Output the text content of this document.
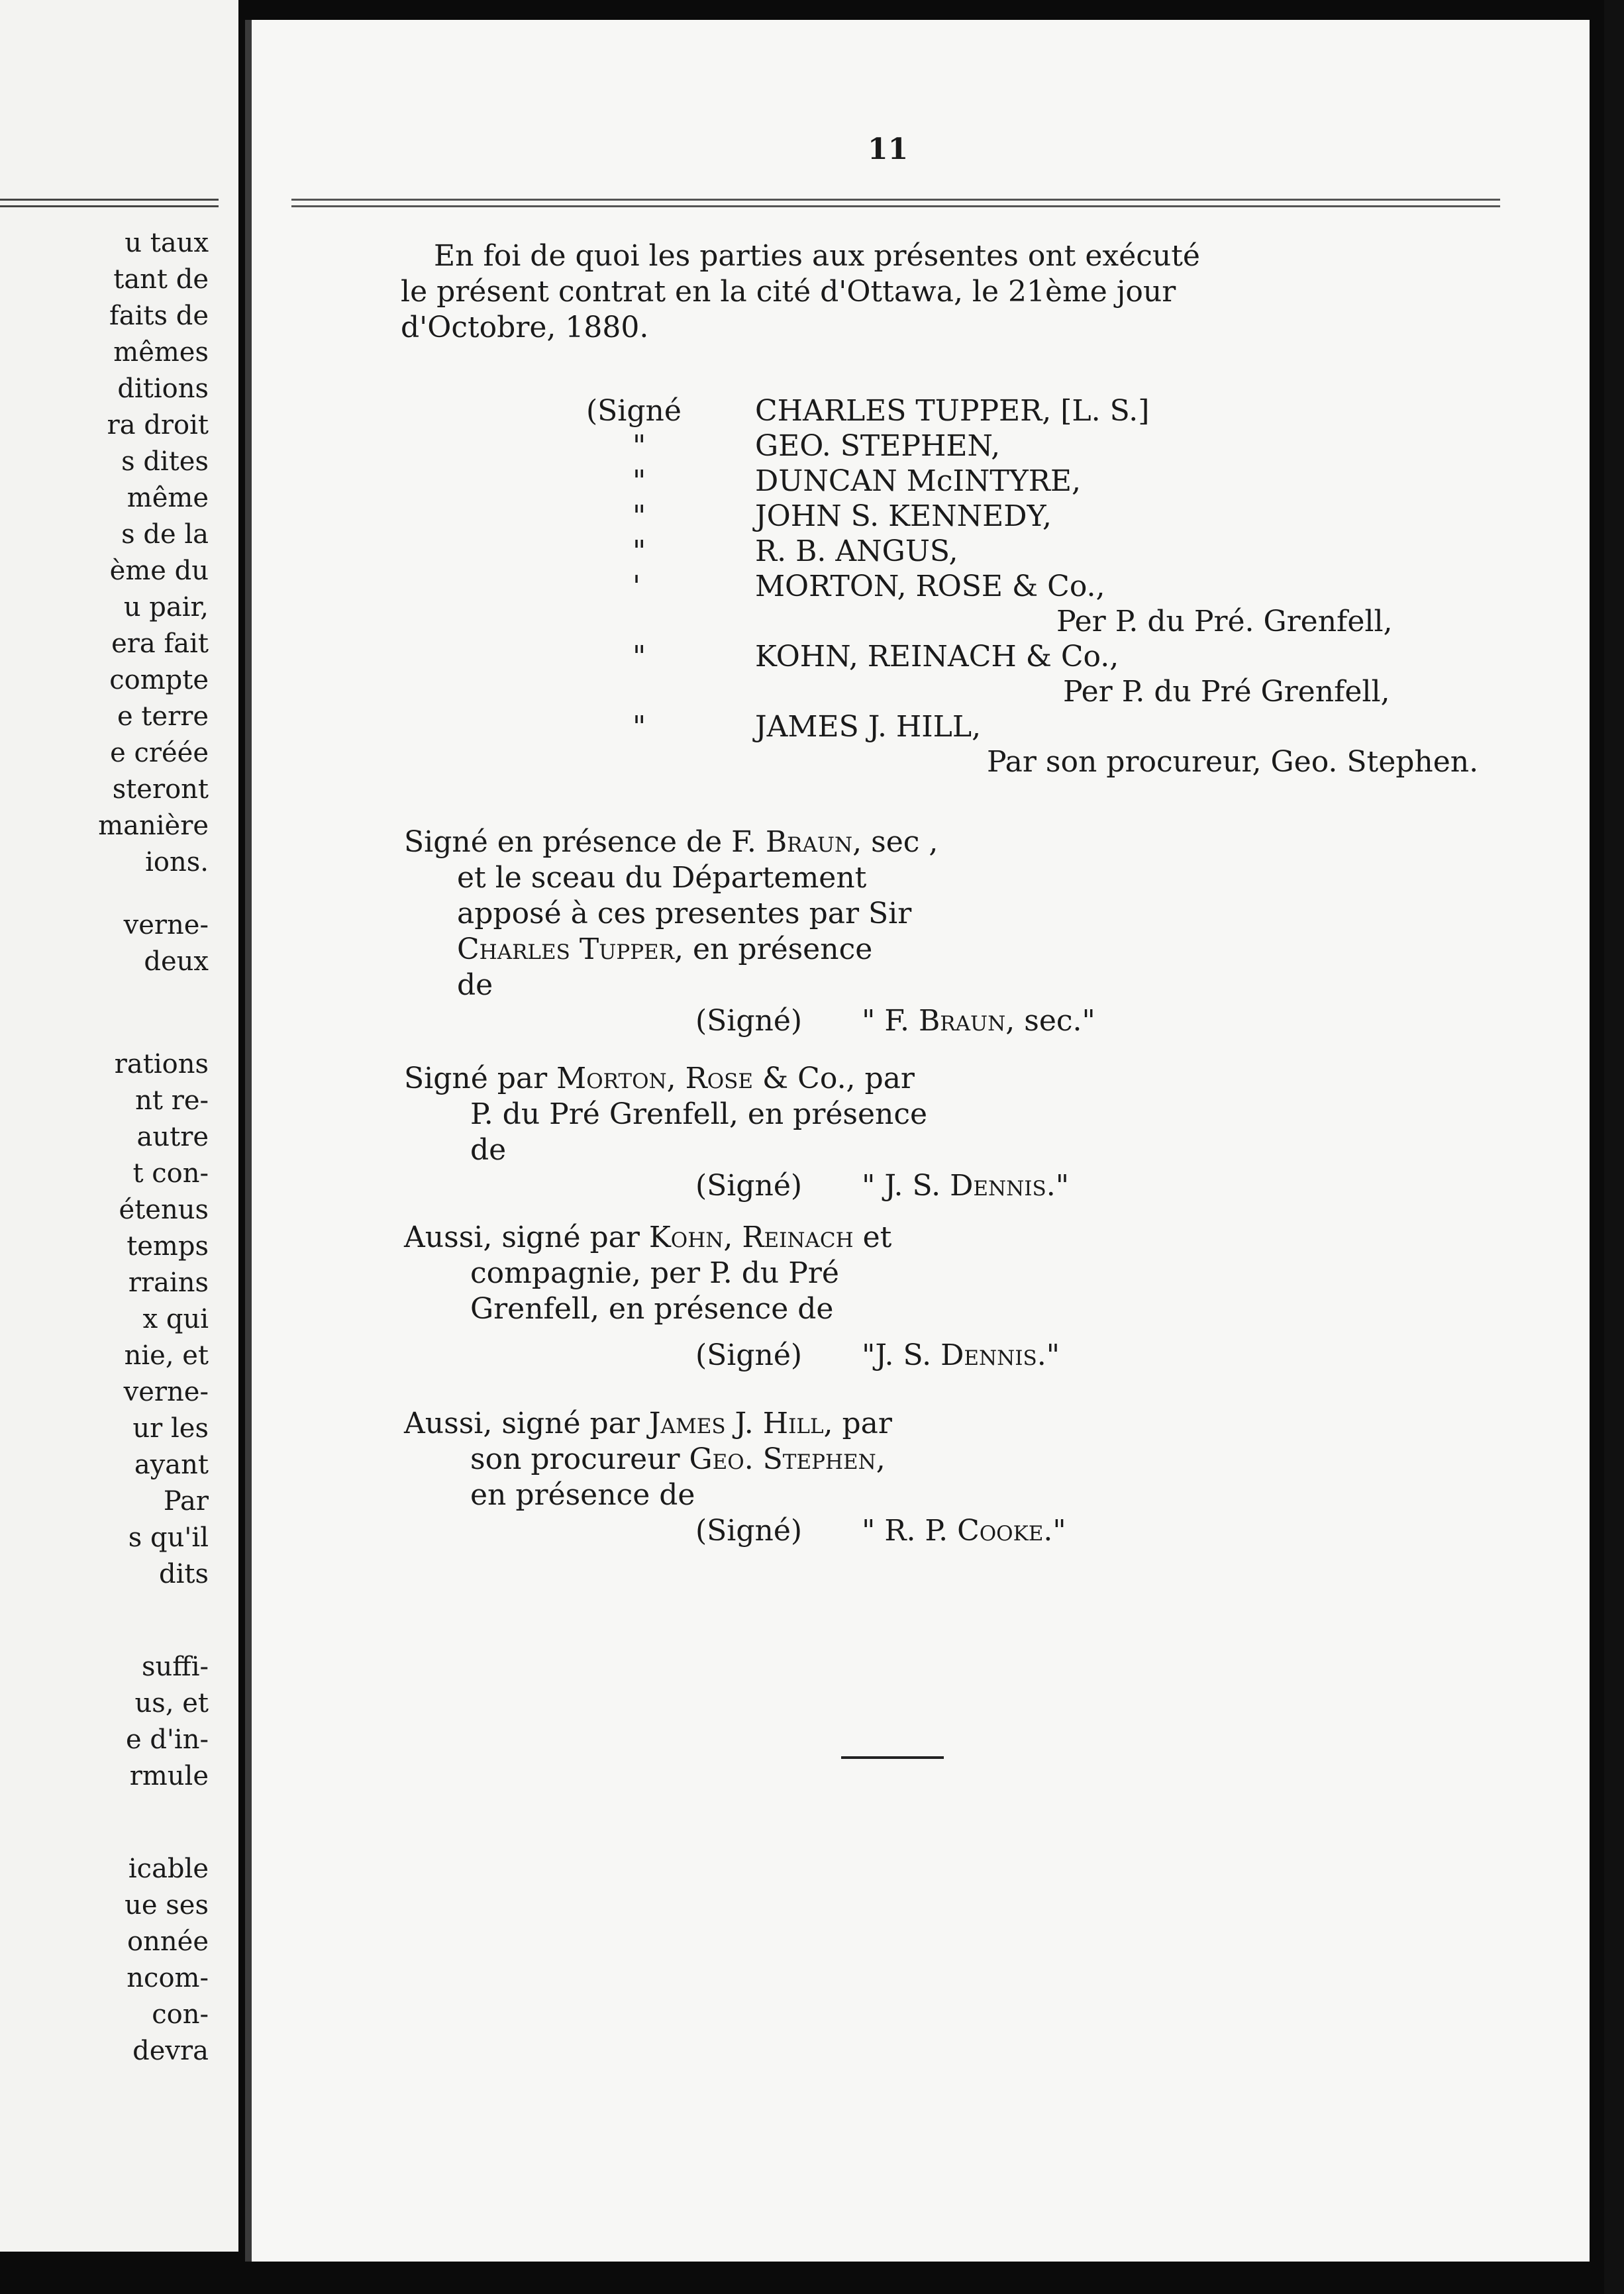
u taux
tant de
faits de
mêmes
ditions
ra droit
s dites
même
s de la
ème du
u pair,
era fait
compte
e terre
e créée
steront
manière
ions.
verne-
deux
rations
nt re-
autre
t con-
étenus
temps
rrains
x qui
nie, et
verne-
ur les
ayant
Par
s qu'il
dits
suffi-
us, et
e d'in-
rmule
icable
ue ses
onnée
ncom-
con-
devra
11
En foi de quoi les parties aux présentes ont exécuté
le présent contrat en la cité d'Ottawa, le 21ème jour
d'Octobre, 1880.
(Signé	CHARLES TUPPER, [L. S.]
"	GEO. STEPHEN,
"	DUNCAN McINTYRE,
"	JOHN S. KENNEDY,
"	R. B. ANGUS,
'	MORTON, ROSE & Co.,
Per P. du Pré. Grenfell,
"	KOHN, REINACH & Co.,
Per P. du Pré Grenfell,
"	JAMES J. HILL,
Par son procureur, Geo. Stephen.
Signé en présence de F. Braun, sec ,
et le sceau du Département
apposé à ces presentes par Sir
Charles Tupper, en présence
de
(Signé) " F. Braun, sec."
Signé par Morton, Rose & Co., par
P. du Pré Grenfell, en présence
de
(Signé) " J. S. Dennis."
Aussi, signé par Kohn, Reinach et
compagnie, per P. du Pré
Grenfell, en présence de
(Signé) "J. S. Dennis."
Aussi, signé par James J. Hill, par
son procureur Geo. Stephen,
en présence de
(Signé) " R. P. Cooke."
